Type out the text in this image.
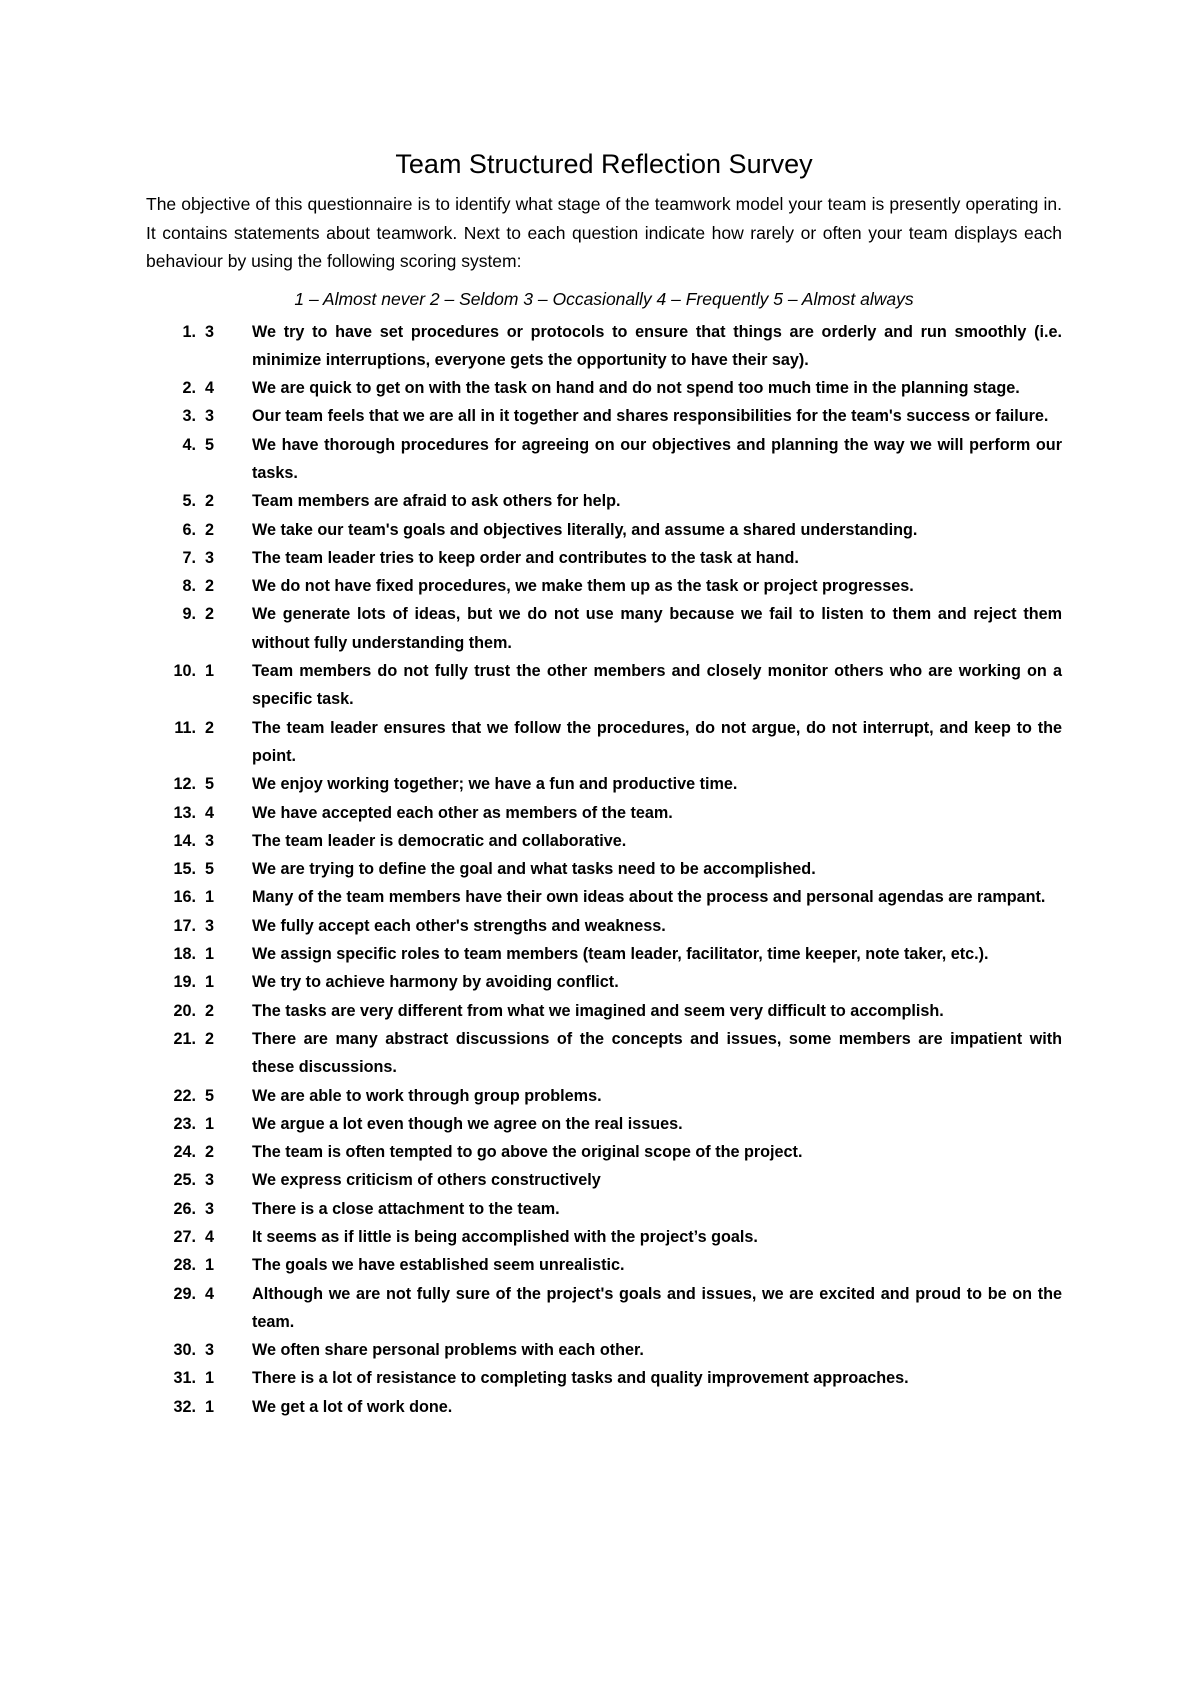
Team Structured Reflection Survey

The objective of this questionnaire is to identify what stage of the teamwork model your team is presently operating in. It contains statements about teamwork. Next to each question indicate how rarely or often your team displays each behaviour by using the following scoring system:

1 – Almost never 2 – Seldom 3 – Occasionally 4 – Frequently 5 – Almost always

1. 3	We try to have set procedures or protocols to ensure that things are orderly and run smoothly (i.e. minimize interruptions, everyone gets the opportunity to have their say).
2. 4	We are quick to get on with the task on hand and do not spend too much time in the planning stage.
3. 3	Our team feels that we are all in it together and shares responsibilities for the team's success or failure.
4. 5	We have thorough procedures for agreeing on our objectives and planning the way we will perform our tasks.
5. 2	Team members are afraid to ask others for help.
6. 2	We take our team's goals and objectives literally, and assume a shared understanding.
7. 3	The team leader tries to keep order and contributes to the task at hand.
8. 2	We do not have fixed procedures, we make them up as the task or project progresses.
9. 2	We generate lots of ideas, but we do not use many because we fail to listen to them and reject them without fully understanding them.
10. 1	Team members do not fully trust the other members and closely monitor others who are working on a specific task.
11. 2	The team leader ensures that we follow the procedures, do not argue, do not interrupt, and keep to the point.
12. 5	We enjoy working together; we have a fun and productive time.
13. 4	We have accepted each other as members of the team.
14. 3	The team leader is democratic and collaborative.
15. 5	We are trying to define the goal and what tasks need to be accomplished.
16. 1	Many of the team members have their own ideas about the process and personal agendas are rampant.
17. 3	We fully accept each other's strengths and weakness.
18. 1	We assign specific roles to team members (team leader, facilitator, time keeper, note taker, etc.).
19. 1	We try to achieve harmony by avoiding conflict.
20. 2	The tasks are very different from what we imagined and seem very difficult to accomplish.
21. 2	There are many abstract discussions of the concepts and issues, some members are impatient with these discussions.
22. 5	We are able to work through group problems.
23. 1	We argue a lot even though we agree on the real issues.
24. 2	The team is often tempted to go above the original scope of the project.
25. 3	We express criticism of others constructively
26. 3	There is a close attachment to the team.
27. 4	It seems as if little is being accomplished with the project’s goals.
28. 1	The goals we have established seem unrealistic.
29. 4	Although we are not fully sure of the project's goals and issues, we are excited and proud to be on the team.
30. 3	We often share personal problems with each other.
31. 1	There is a lot of resistance to completing tasks and quality improvement approaches.
32. 1	We get a lot of work done.
